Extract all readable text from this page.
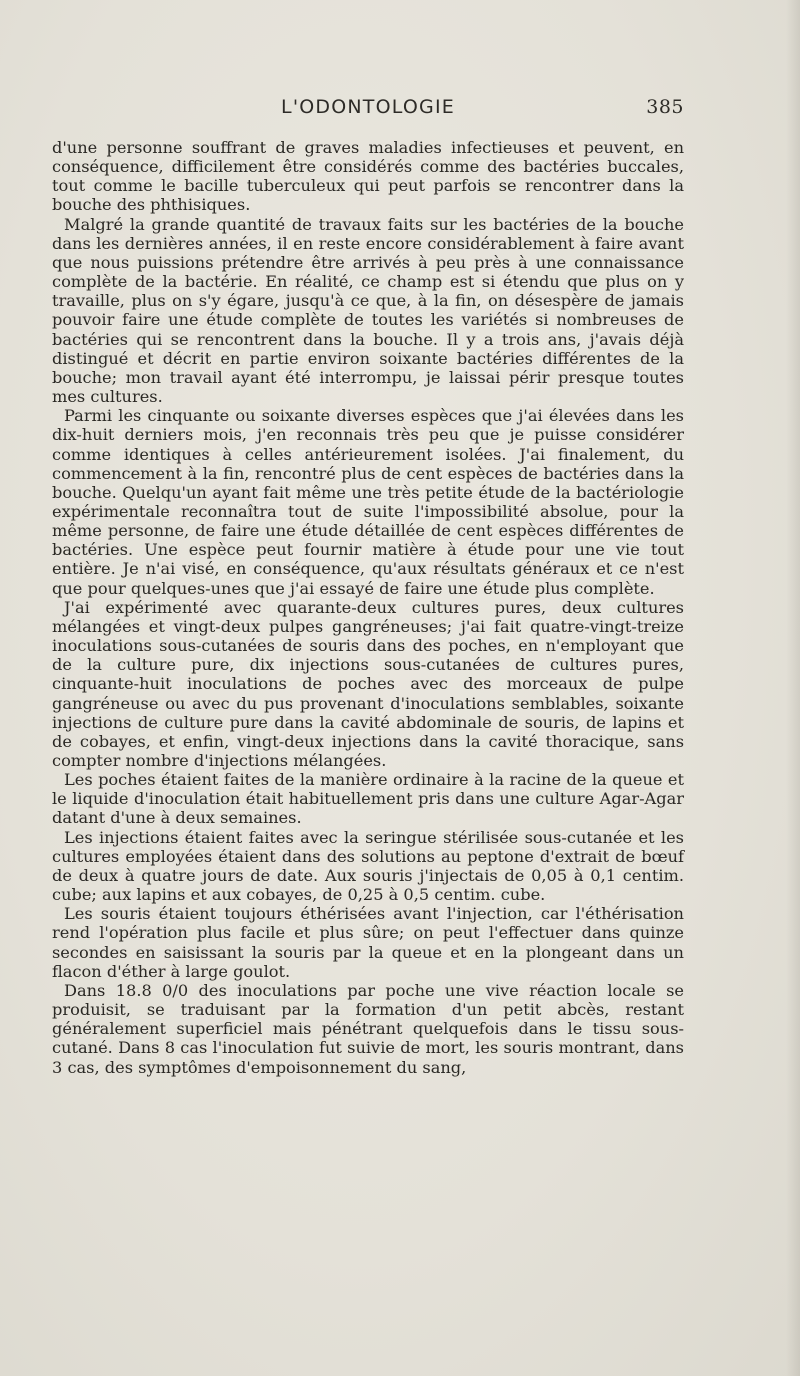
L'ODONTOLOGIE	385

d'une personne souffrant de graves maladies infectieuses et peuvent, en conséquence, difficilement être considérés comme des bactéries buccales, tout comme le bacille tuberculeux qui peut parfois se rencontrer dans la bouche des phthisiques.

Malgré la grande quantité de travaux faits sur les bactéries de la bouche dans les dernières années, il en reste encore considérablement à faire avant que nous puissions prétendre être arrivés à peu près à une connaissance complète de la bactérie. En réalité, ce champ est si étendu que plus on y travaille, plus on s'y égare, jusqu'à ce que, à la fin, on désespère de jamais pouvoir faire une étude complète de toutes les variétés si nombreuses de bactéries qui se rencontrent dans la bouche. Il y a trois ans, j'avais déjà distingué et décrit en partie environ soixante bactéries différentes de la bouche; mon travail ayant été interrompu, je laissai périr presque toutes mes cultures.

Parmi les cinquante ou soixante diverses espèces que j'ai élevées dans les dix-huit derniers mois, j'en reconnais très peu que je puisse considérer comme identiques à celles antérieurement isolées. J'ai finalement, du commencement à la fin, rencontré plus de cent espèces de bactéries dans la bouche. Quelqu'un ayant fait même une très petite étude de la bactériologie expérimentale reconnaîtra tout de suite l'impossibilité absolue, pour la même personne, de faire une étude détaillée de cent espèces différentes de bactéries. Une espèce peut fournir matière à étude pour une vie tout entière. Je n'ai visé, en conséquence, qu'aux résultats généraux et ce n'est que pour quelques-unes que j'ai essayé de faire une étude plus complète.

J'ai expérimenté avec quarante-deux cultures pures, deux cultures mélangées et vingt-deux pulpes gangréneuses; j'ai fait quatre-vingt-treize inoculations sous-cutanées de souris dans des poches, en n'employant que de la culture pure, dix injections sous-cutanées de cultures pures, cinquante-huit inoculations de poches avec des morceaux de pulpe gangréneuse ou avec du pus provenant d'inoculations semblables, soixante injections de culture pure dans la cavité abdominale de souris, de lapins et de cobayes, et enfin, vingt-deux injections dans la cavité thoracique, sans compter nombre d'injections mélangées.

Les poches étaient faites de la manière ordinaire à la racine de la queue et le liquide d'inoculation était habituellement pris dans une culture Agar-Agar datant d'une à deux semaines.

Les injections étaient faites avec la seringue stérilisée sous-cutanée et les cultures employées étaient dans des solutions au peptone d'extrait de bœuf de deux à quatre jours de date. Aux souris j'injectais de 0,05 à 0,1 centim. cube; aux lapins et aux cobayes, de 0,25 à 0,5 centim. cube.

Les souris étaient toujours éthérisées avant l'injection, car l'éthérisation rend l'opération plus facile et plus sûre; on peut l'effectuer dans quinze secondes en saisissant la souris par la queue et en la plongeant dans un flacon d'éther à large goulot.

Dans 18.8 0/0 des inoculations par poche une vive réaction locale se produisit, se traduisant par la formation d'un petit abcès, restant généralement superficiel mais pénétrant quelquefois dans le tissu sous-cutané. Dans 8 cas l'inoculation fut suivie de mort, les souris montrant, dans 3 cas, des symptômes d'empoisonnement du sang,
